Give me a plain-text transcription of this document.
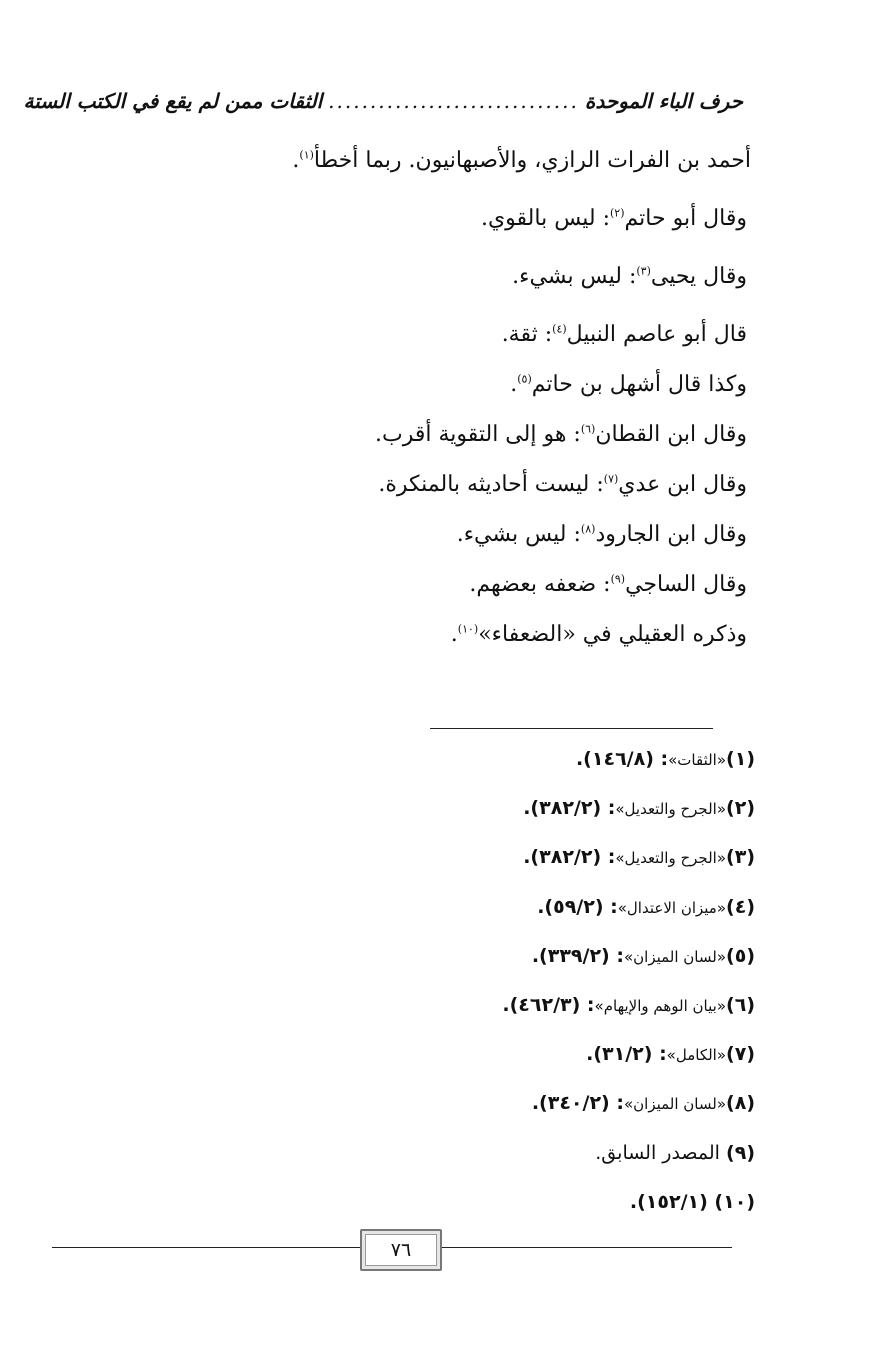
حرف الباء الموحدة
..............................
الثقات ممن لم يقع في الكتب الستة
أحمد بن الفرات الرازي، والأصبهانيون. ربما أخطأ$^{(١)}$.
وقال أبو حاتم$^{(٢)}$: ليس بالقوي.
وقال يحيى$^{(٣)}$: ليس بشيء.
قال أبو عاصم النبيل$^{(٤)}$: ثقة.
وكذا قال أشهل بن حاتم$^{(٥)}$.
وقال ابن القطان$^{(٦)}$: هو إلى التقوية أقرب.
وقال ابن عدي$^{(٧)}$: ليست أحاديثه بالمنكرة.
وقال ابن الجارود$^{(٨)}$: ليس بشيء.
وقال الساجي$^{(٩)}$: ضعفه بعضهم.
وذكره العقيلي في «الضعفاء»$^{(١٠)}$.
(١)«الثقات»: (١٤٦/٨).
(٢)«الجرح والتعديل»: (٣٨٢/٢).
(٣)«الجرح والتعديل»: (٣٨٢/٢).
(٤)«ميزان الاعتدال»: (٥٩/٢).
(٥)«لسان الميزان»: (٣٣٩/٢).
(٦)«بيان الوهم والإيهام»: (٤٦٢/٣).
(٧)«الكامل»: (٣١/٢).
(٨)«لسان الميزان»: (٣٤٠/٢).
(٩) المصدر السابق.
(١٠) (١٥٢/١).
٧٦
